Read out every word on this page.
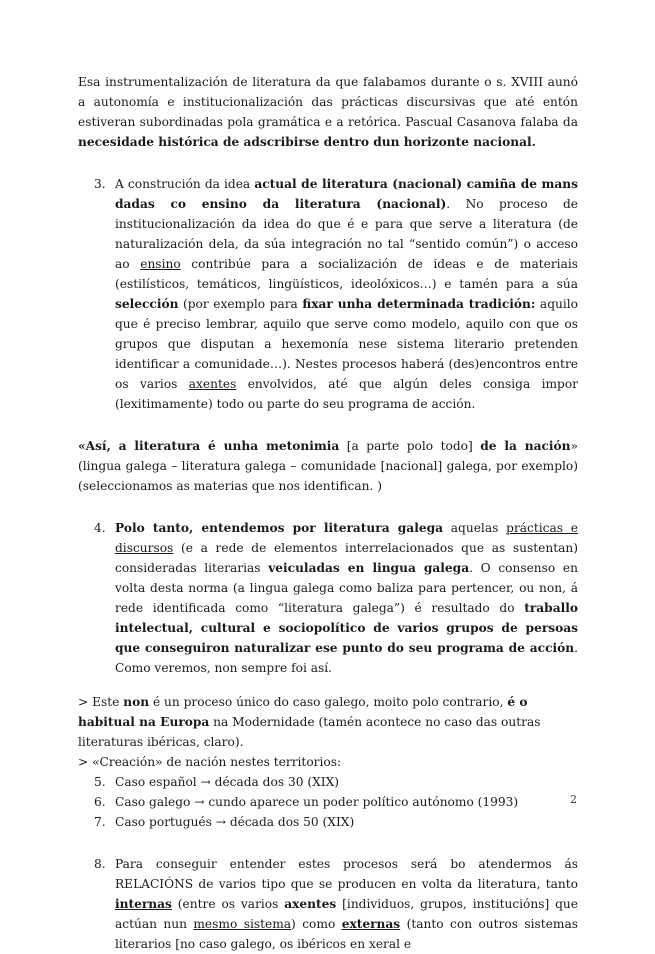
Esa instrumentalización de literatura da que falabamos durante o s. XVIII aunó a autonomía e institucionalización das prácticas discursivas que até entón estiveran subordinadas pola gramática e a retórica. Pascual Casanova falaba da necesidade histórica de adscribirse dentro dun horizonte nacional.

3. A construción da idea actual de literatura (nacional) camiña de mans dadas co ensino da literatura (nacional). No proceso de institucionalización da idea do que é e para que serve a literatura (de naturalización dela, da súa integración no tal “sentido común”) o acceso ao ensino contribúe para a socialización de ideas e de materiais (estilísticos, temáticos, lingüísticos, ideolóxicos…) e tamén para a súa selección (por exemplo para fixar unha determinada tradición: aquilo que é preciso lembrar, aquilo que serve como modelo, aquilo con que os grupos que disputan a hexemonía nese sistema literario pretenden identificar a comunidade…). Nestes procesos haberá (des)encontros entre os varios axentes envolvidos, até que algún deles consiga impor (lexitimamente) todo ou parte do seu programa de acción.

«Así, a literatura é unha metonimia [a parte polo todo] de la nación» (lingua galega – literatura galega – comunidade [nacional] galega, por exemplo) (seleccionamos as materias que nos identifican. )

4. Polo tanto, entendemos por literatura galega aquelas prácticas e discursos (e a rede de elementos interrelacionados que as sustentan) consideradas literarias veiculadas en lingua galega. O consenso en volta desta norma (a lingua galega como baliza para pertencer, ou non, á rede identificada como “literatura galega”) é resultado do traballo intelectual, cultural e sociopolítico de varios grupos de persoas que conseguiron naturalizar ese punto do seu programa de acción. Como veremos, non sempre foi así.

> Este non é un proceso único do caso galego, moito polo contrario, é o habitual na Europa na Modernidade (tamén acontece no caso das outras literaturas ibéricas, claro).

> «Creación» de nación nestes territorios:

5. Caso español → década dos 30 (XIX)
6. Caso galego → cundo aparece un poder político autónomo (1993)
7. Caso portugués → década dos 50 (XIX)
8. Para conseguir entender estes procesos será bo atendermos ás RELACIÓNS de varios tipo que se producen en volta da literatura, tanto internas (entre os varios axentes [individuos, grupos, institucións] que actúan nun mesmo sistema) como externas (tanto con outros sistemas literarios [no caso galego, os ibéricos en xeral e
2
